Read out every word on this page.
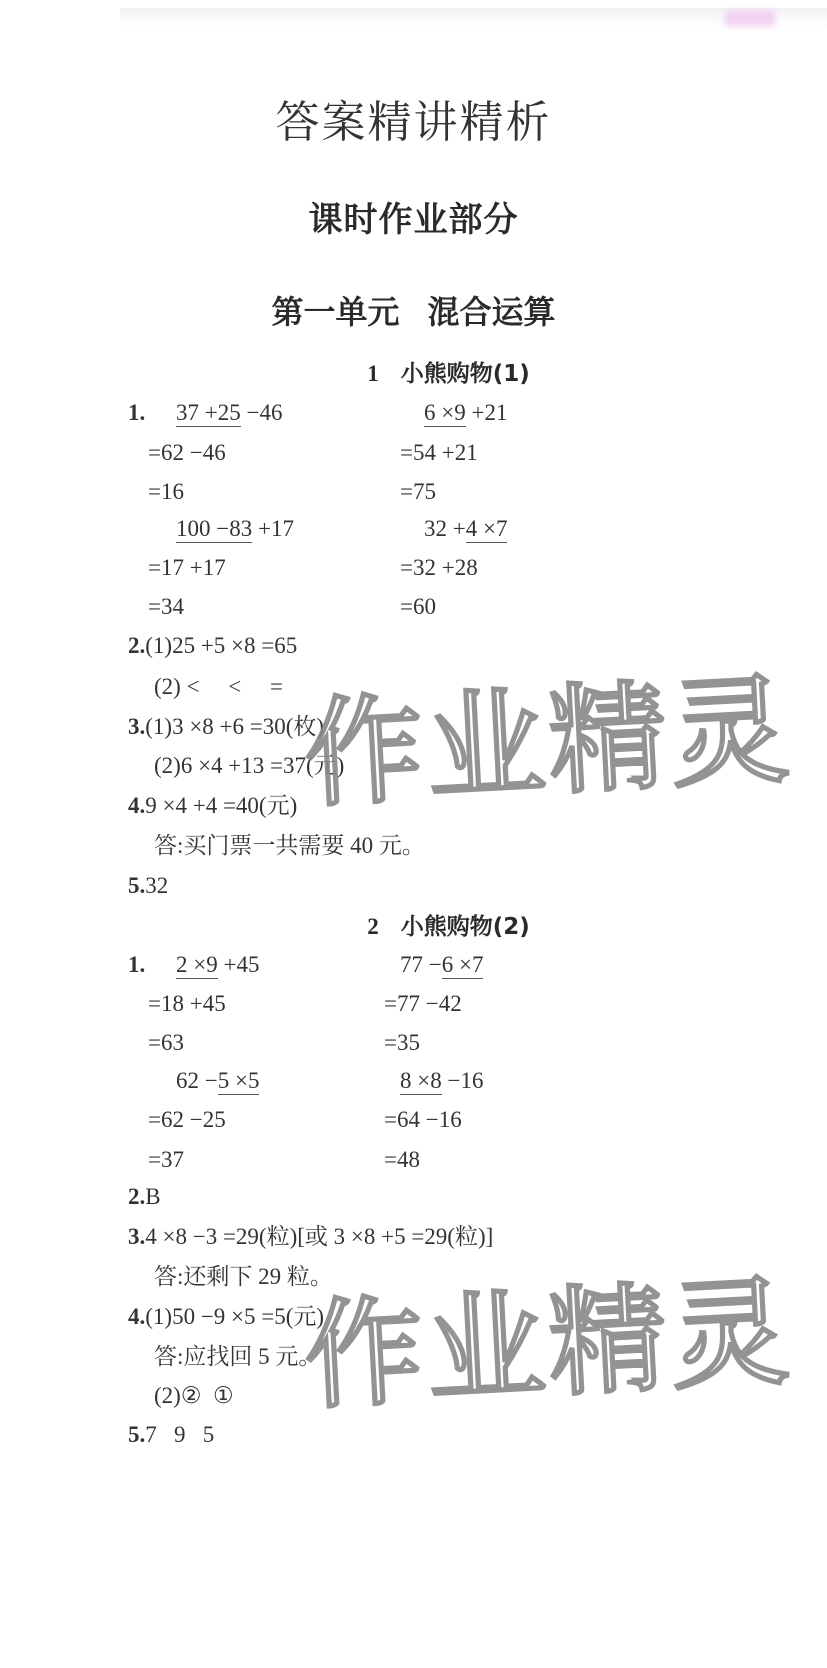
答案精讲精析
课时作业部分
第一单元 混合运算
1 小熊购物(1)
1. 37 +25 −46
=62 −46
=16
100 −83 +17
=17 +17
=34
6 ×9 +21
=54 +21
=75
32 +4 ×7
=32 +28
=60
2.(1)25 +5 ×8 =65
(2) <     <     =
3.(1)3 ×8 +6 =30(枚)
(2)6 ×4 +13 =37(元)
4.9 ×4 +4 =40(元)
答:买门票一共需要 40 元。
5.32
2 小熊购物(2)
1. 2 ×9 +45
=18 +45
=63
62 −5 ×5
=62 −25
=37
77 −6 ×7
=77 −42
=35
8 ×8 −16
=64 −16
=48
2.B
3.4 ×8 −3 =29(粒)[或 3 ×8 +5 =29(粒)]
答:还剩下 29 粒。
4.(1)50 −9 ×5 =5(元)
答:应找回 5 元。
(2)②  ①
5.7   9   5
作业精灵
作业精灵
